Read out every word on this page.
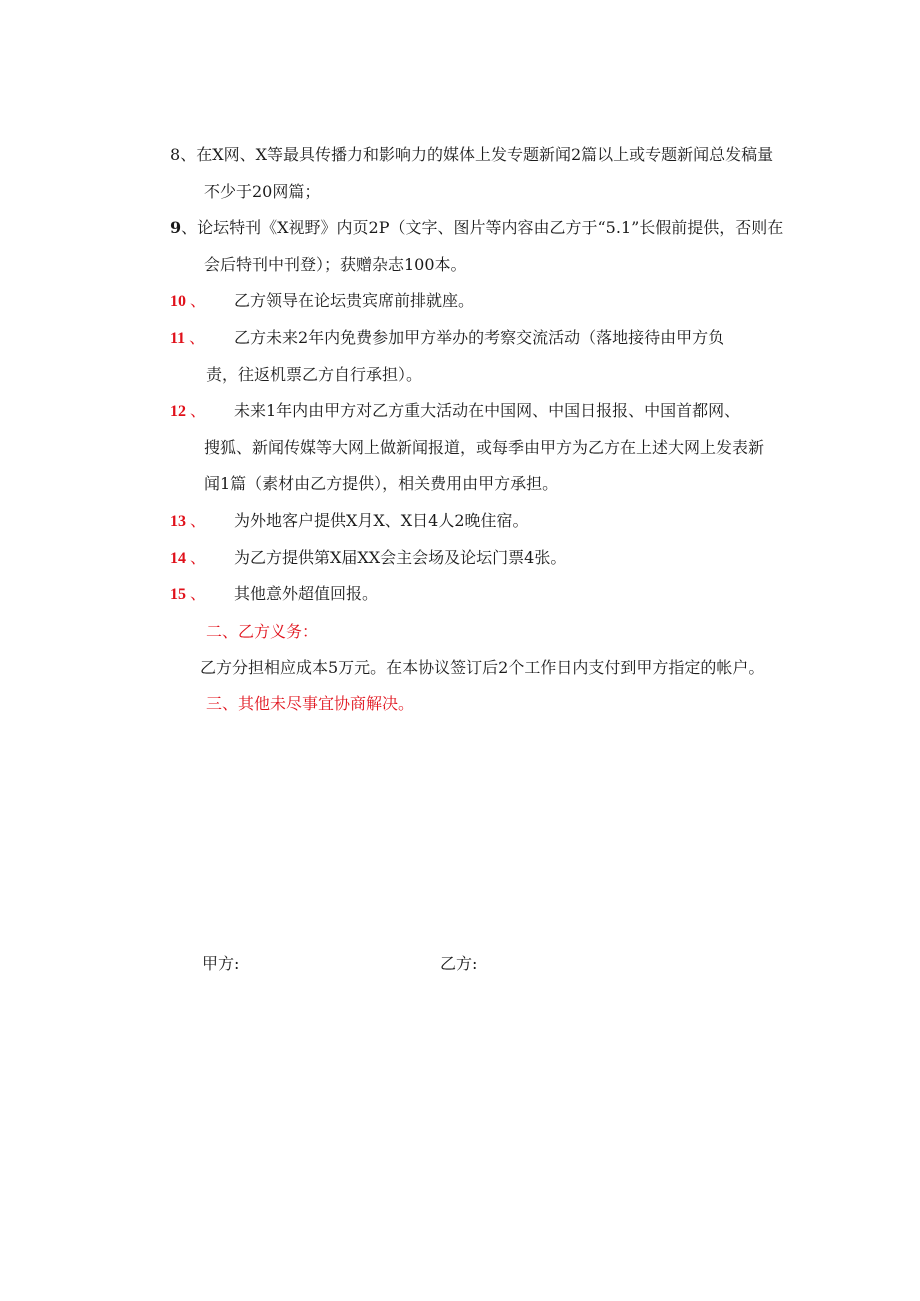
8、在X网、X等最具传播力和影响力的媒体上发专题新闻2篇以上或专题新闻总发稿量
不少于20网篇；
9、论坛特刊《X视野》内页2P（文字、图片等内容由乙方于“5.1”长假前提供，否则在
会后特刊中刊登）；获赠杂志100本。
10 、 乙方领导在论坛贵宾席前排就座。
11 、 乙方未来2年内免费参加甲方举办的考察交流活动（落地接待由甲方负
责，往返机票乙方自行承担）。
12 、 未来1年内由甲方对乙方重大活动在中国网、中国日报报、中国首都网、
搜狐、新闻传媒等大网上做新闻报道，或每季由甲方为乙方在上述大网上发表新
闻1篇（素材由乙方提供），相关费用由甲方承担。
13 、 为外地客户提供X月X、X日4人2晚住宿。
14 、 为乙方提供第X届XX会主会场及论坛门票4张。
15 、 其他意外超值回报。
二、乙方义务：
乙方分担相应成本5万元。在本协议签订后2个工作日内支付到甲方指定的帐户。
三、其他未尽事宜协商解决。
甲方:	乙方:
